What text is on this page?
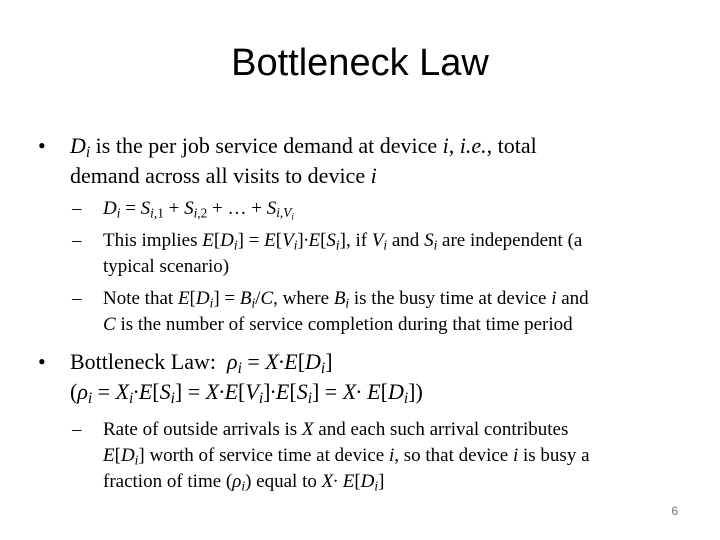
Bottleneck Law
• $D_i$ is the per job service demand at device i, i.e., total
demand across all visits to device i
– $D_i = S_{i,1} + S_{i,2}$ + … + $S_{i,V_i}$
– This implies $E[D_i] = E[V_i]\cdot E[S_i]$, if $V_i$ and $S_i$ are independent (a
typical scenario)
– Note that $E[D_i] = B_i/C$, where $B_i$ is the busy time at device i and
C is the number of service completion during that time period
• Bottleneck Law:  $\rho_i = X\cdot E[D_i]$
$(\rho_i = X_i\cdot E[S_i] = X\cdot E[V_i]\cdot E[S_i] = X\cdot E[D_i])$
– Rate of outside arrivals is X and each such arrival contributes
$E[D_i]$ worth of service time at device i, so that device i is busy a
fraction of time $(\rho_i)$ equal to $X\cdot E[D_i]$
6
